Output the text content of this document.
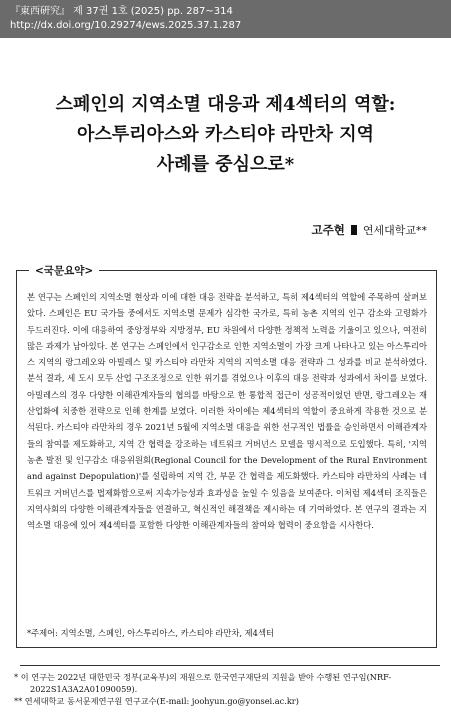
『東西硏究』 제 37권 1호 (2025) pp. 287~314
http://dx.doi.org/10.29274/ews.2025.37.1.287
스페인의 지역소멸 대응과 제4섹터의 역할:
아스투리아스와 카스티야 라만차 지역
사례를 중심으로*
고주현 연세대학교**
<국문요약>
본 연구는 스페인의 지역소멸 현상과 이에 대한 대응 전략을 분석하고, 특히 제4섹터의 역할에 주목하여 살펴보았다. 스페인은 EU 국가들 중에서도 지역소멸 문제가 심각한 국가로, 특히 농촌 지역의 인구 감소와 고령화가 두드러진다. 이에 대응하여 중앙정부와 지방정부, EU 차원에서 다양한 정책적 노력을 기울이고 있으나, 여전히 많은 과제가 남아있다. 본 연구는 스페인에서 인구감소로 인한 지역소멸이 가장 크게 나타나고 있는 아스투리아스 지역의 랑그레오와 아빌레스 및 카스티야 라만차 지역의 지역소멸 대응 전략과 그 성과를 비교 분석하였다. 분석 결과, 세 도시 모두 산업 구조조정으로 인한 위기를 겪었으나 이후의 대응 전략과 성과에서 차이를 보였다. 아빌레스의 경우 다양한 이해관계자들의 협의를 바탕으로 한 통합적 접근이 성공적이었던 반면, 랑그레오는 재산업화에 치중한 전략으로 인해 한계를 보였다. 이러한 차이에는 제4섹터의 역할이 중요하게 작용한 것으로 분석된다. 카스티야 라만차의 경우 2021년 5월에 지역소멸 대응을 위한 선구적인 법률을 승인하면서 이해관계자들의 참여를 제도화하고, 지역 간 협력을 강조하는 네트워크 거버넌스 모델을 명시적으로 도입했다. 특히, '지역 농촌 발전 및 인구감소 대응위원회(Regional Council for the Development of the Rural Environment and against Depopulation)'를 설립하여 지역 간, 부문 간 협력을 제도화했다. 카스티야 라만차의 사례는 네트워크 거버넌스를 법제화함으로써 지속가능성과 효과성을 높일 수 있음을 보여준다. 이처럼 제4섹터 조직들은 지역사회의 다양한 이해관계자들을 연결하고, 혁신적인 해결책을 제시하는 데 기여하였다. 본 연구의 결과는 지역소멸 대응에 있어 제4섹터를 포함한 다양한 이해관계자들의 참여와 협력이 중요함을 시사한다.
*주제어: 지역소멸, 스페인, 아스투리아스, 카스티야 라만차, 제4섹터
* 이 연구는 2022년 대한민국 정부(교육부)의 재원으로 한국연구재단의 지원을 받아 수행된 연구임(NRF-2022S1A3A2A01090059).
** 연세대학교 동서문제연구원 연구교수(E-mail: joohyun.go@yonsei.ac.kr)
